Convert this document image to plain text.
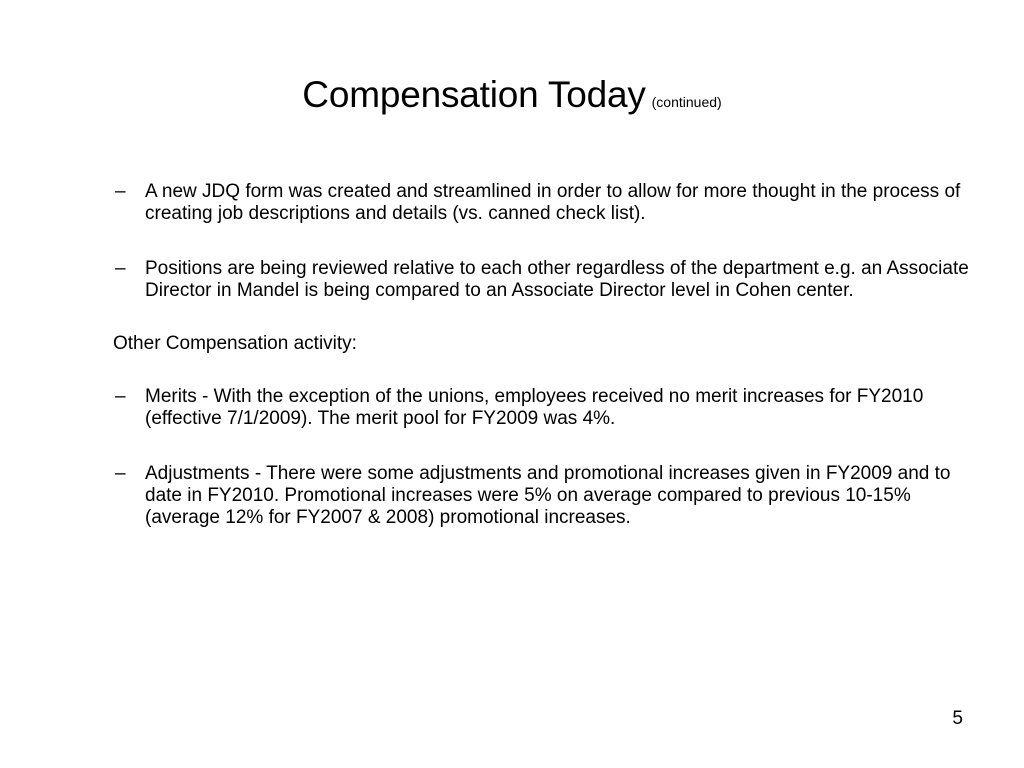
Compensation Today (continued)
– A new JDQ form was created and streamlined in order to allow for more thought in the process of creating job descriptions and details (vs. canned check list).
– Positions are being reviewed relative to each other regardless of the department e.g. an Associate Director in Mandel is being compared to an Associate Director level in Cohen center.
Other Compensation activity:
– Merits - With the exception of the unions, employees received no merit increases for FY2010 (effective 7/1/2009). The merit pool for FY2009 was 4%.
– Adjustments - There were some adjustments and promotional increases given in FY2009 and to date in FY2010. Promotional increases were 5% on average compared to previous 10-15% (average 12% for FY2007 & 2008) promotional increases.
5
